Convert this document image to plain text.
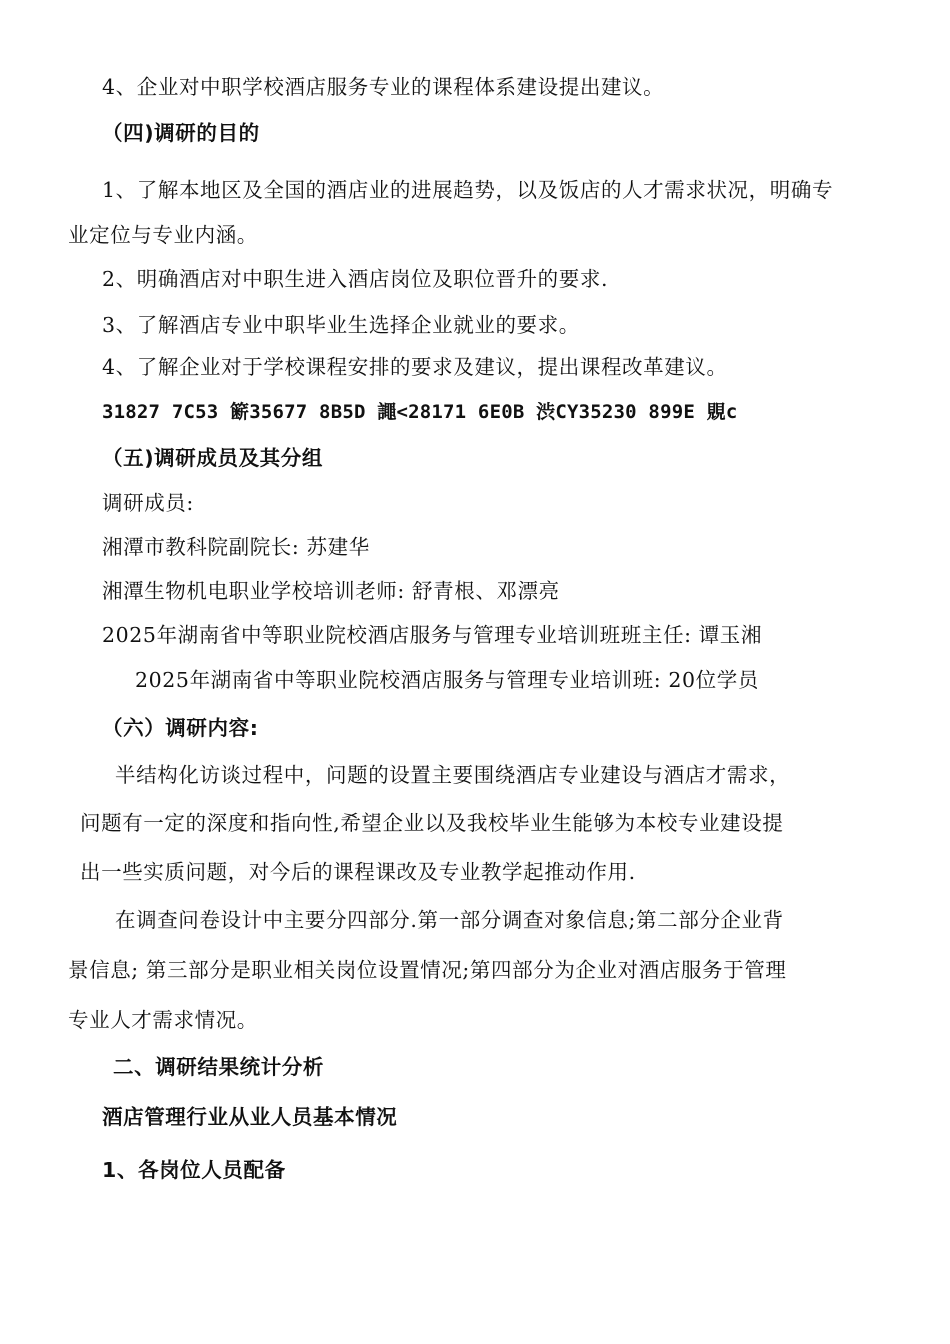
4、企业对中职学校酒店服务专业的课程体系建设提出建议。
（四)调研的目的
1、了解本地区及全国的酒店业的进展趋势，以及饭店的人才需求状况，明确专
业定位与专业内涵。
2、明确酒店对中职生进入酒店岗位及职位晋升的要求.
3、了解酒店专业中职毕业生选择企业就业的要求。
4、了解企业对于学校课程安排的要求及建议，提出课程改革建议。
31827 7C53 簖35677 8B5D 譝<28171 6E0B 渋CY35230 899E 覞c
（五)调研成员及其分组
调研成员:
湘潭市教科院副院长: 苏建华
湘潭生物机电职业学校培训老师: 舒青根、邓漂亮
2025年湖南省中等职业院校酒店服务与管理专业培训班班主任: 谭玉湘
2025年湖南省中等职业院校酒店服务与管理专业培训班: 20位学员
（六）调研内容:
半结构化访谈过程中，问题的设置主要围绕酒店专业建设与酒店才需求，
问题有一定的深度和指向性,希望企业以及我校毕业生能够为本校专业建设提
出一些实质问题，对今后的课程课改及专业教学起推动作用.
在调查问卷设计中主要分四部分.第一部分调查对象信息;第二部分企业背
景信息; 第三部分是职业相关岗位设置情况;第四部分为企业对酒店服务于管理
专业人才需求情况。
二、调研结果统计分析
酒店管理行业从业人员基本情况
1、各岗位人员配备
